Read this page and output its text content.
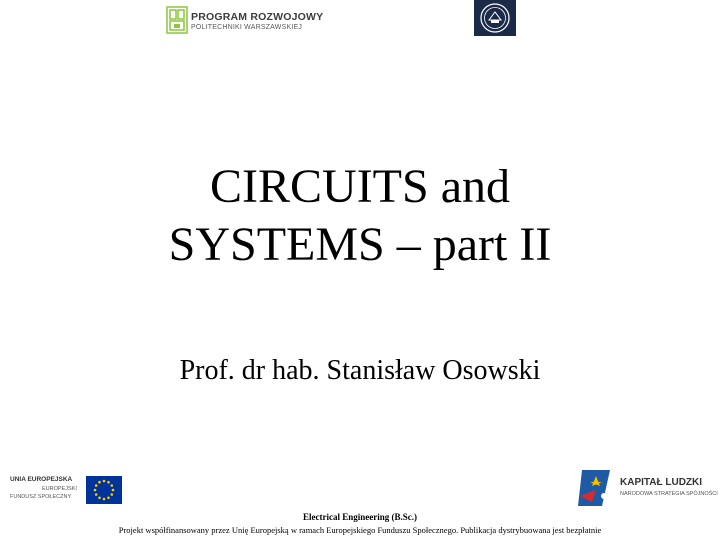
PROGRAM ROZWOJOWY
POLITECHNIKI WARSZAWSKIEJ
CIRCUITS and
SYSTEMS – part II
Prof. dr hab. Stanisław Osowski
UNIA EUROPEJSKA
EUROPEJSKI
FUNDUSZ SPOŁECZNY
KAPITAŁ LUDZKI
NARODOWA STRATEGIA SPÓJNOŚCI
Electrical Engineering (B.Sc.)
Projekt współfinansowany przez Unię Europejską w ramach Europejskiego Funduszu Społecznego. Publikacja dystrybuowana jest bezpłatnie
